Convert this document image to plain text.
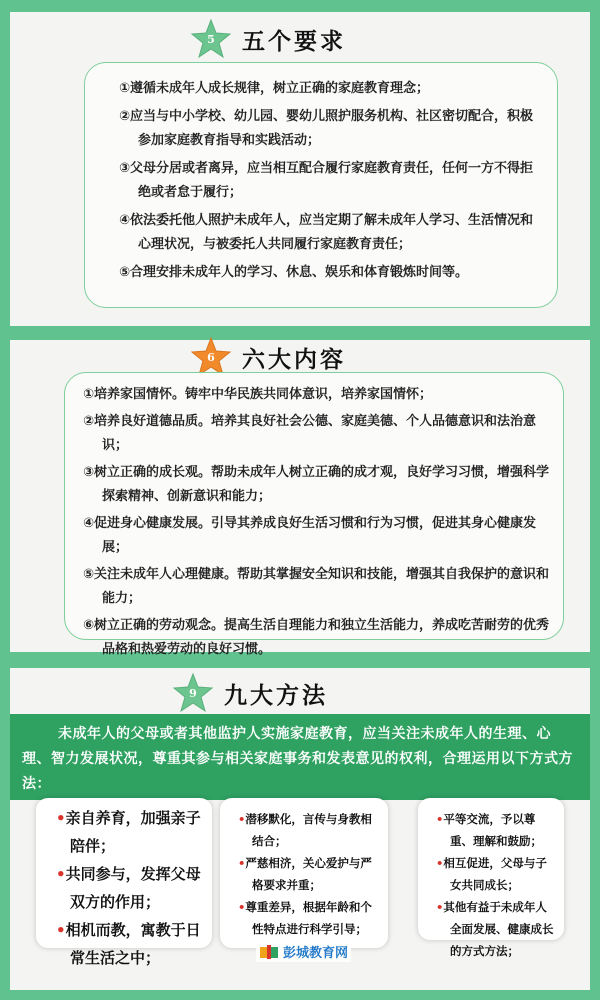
5 五个要求
①遵循未成年人成长规律，树立正确的家庭教育理念；
②应当与中小学校、幼儿园、婴幼儿照护服务机构、社区密切配合，积极参加家庭教育指导和实践活动；
③父母分居或者离异，应当相互配合履行家庭教育责任，任何一方不得拒绝或者怠于履行；
④依法委托他人照护未成年人，应当定期了解未成年人学习、生活情况和心理状况，与被委托人共同履行家庭教育责任；
⑤合理安排未成年人的学习、休息、娱乐和体育锻炼时间等。
6 六大内容
①培养家国情怀。铸牢中华民族共同体意识，培养家国情怀；
②培养良好道德品质。培养其良好社会公德、家庭美德、个人品德意识和法治意识；
③树立正确的成长观。帮助未成年人树立正确的成才观，良好学习习惯，增强科学探索精神、创新意识和能力；
④促进身心健康发展。引导其养成良好生活习惯和行为习惯，促进其身心健康发展；
⑤关注未成年人心理健康。帮助其掌握安全知识和技能，增强其自我保护的意识和能力；
⑥树立正确的劳动观念。提高生活自理能力和独立生活能力，养成吃苦耐劳的优秀品格和热爱劳动的良好习惯。
9 九大方法
未成年人的父母或者其他监护人实施家庭教育，应当关注未成年人的生理、心理、智力发展状况，尊重其参与相关家庭事务和发表意见的权利，合理运用以下方式方法：
•亲自养育，加强亲子陪伴；
•共同参与，发挥父母双方的作用；
•相机而教，寓教于日常生活之中；
•潜移默化，言传与身教相结合；
•严慈相济，关心爱护与严格要求并重；
•尊重差异，根据年龄和个性特点进行科学引导；
•平等交流，予以尊重、理解和鼓励；
•相互促进，父母与子女共同成长；
•其他有益于未成年人全面发展、健康成长的方式方法；
彭城教育网
